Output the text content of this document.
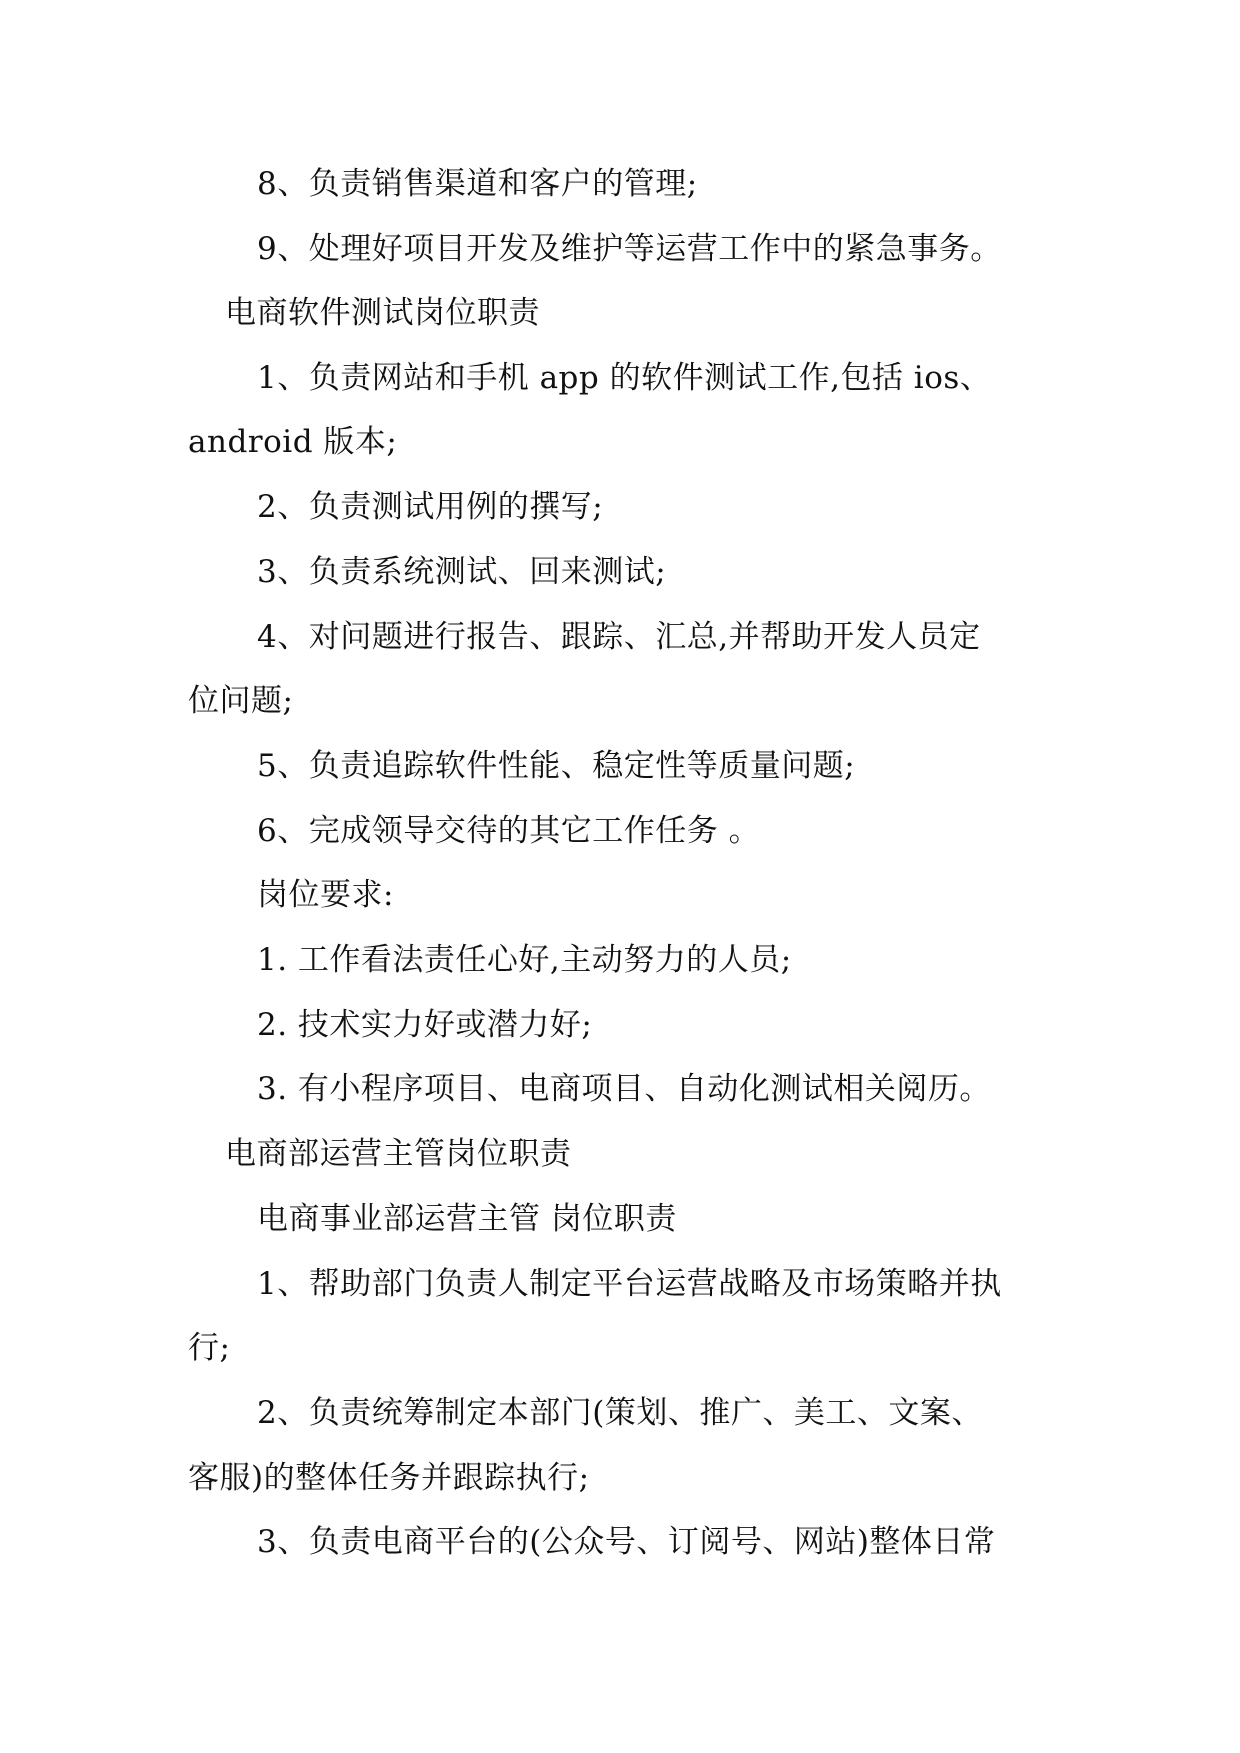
8、负责销售渠道和客户的管理;
9、处理好项目开发及维护等运营工作中的紧急事务。
电商软件测试岗位职责
1、负责网站和手机 app 的软件测试工作,包括 ios、
android 版本;
2、负责测试用例的撰写;
3、负责系统测试、回来测试;
4、对问题进行报告、跟踪、汇总,并帮助开发人员定
位问题;
5、负责追踪软件性能、稳定性等质量问题;
6、完成领导交待的其它工作任务 。
岗位要求:
1. 工作看法责任心好,主动努力的人员;
2. 技术实力好或潜力好;
3. 有小程序项目、电商项目、自动化测试相关阅历。
电商部运营主管岗位职责
电商事业部运营主管 岗位职责
1、帮助部门负责人制定平台运营战略及市场策略并执
行;
2、负责统筹制定本部门(策划、推广、美工、文案、
客服)的整体任务并跟踪执行;
3、负责电商平台的(公众号、订阅号、网站)整体日常
